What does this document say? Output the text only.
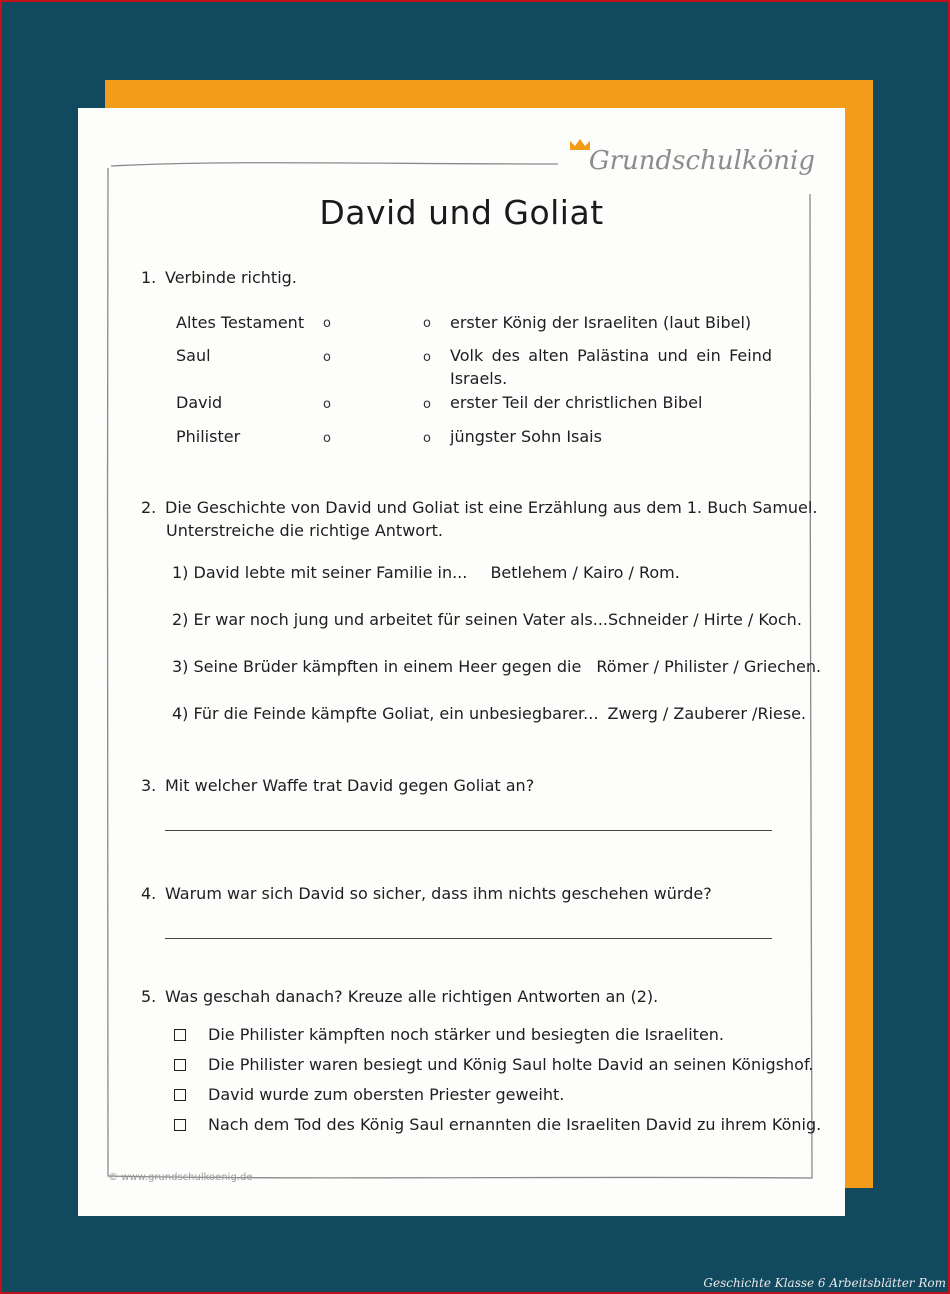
Grundschulkönig
David und Goliat
1. Verbinde richtig.
Altes Testament
Saul
David
Philister
o
o
o
o
o
o
o
o
erster König der Israeliten (laut Bibel)
Volk des alten Palästina und ein Feind
Israels.
erster Teil der christlichen Bibel
jüngster Sohn Isais
2. Die Geschichte von David und Goliat ist eine Erzählung aus dem 1. Buch Samuel.
Unterstreiche die richtige Antwort.
1) David lebte mit seiner Familie in... Betlehem / Kairo / Rom.
2) Er war noch jung und arbeitet für seinen Vater als...Schneider / Hirte / Koch.
3) Seine Brüder kämpften in einem Heer gegen die Römer / Philister / Griechen.
4) Für die Feinde kämpfte Goliat, ein unbesiegbarer... Zwerg / Zauberer /Riese.
3. Mit welcher Waffe trat David gegen Goliat an?
4. Warum war sich David so sicher, dass ihm nichts geschehen würde?
5. Was geschah danach? Kreuze alle richtigen Antworten an (2).
Die Philister kämpften noch stärker und besiegten die Israeliten.
Die Philister waren besiegt und König Saul holte David an seinen Königshof.
David wurde zum obersten Priester geweiht.
Nach dem Tod des König Saul ernannten die Israeliten David zu ihrem König.
© www.grundschulkoenig.de
Geschichte Klasse 6 Arbeitsblätter Rom
